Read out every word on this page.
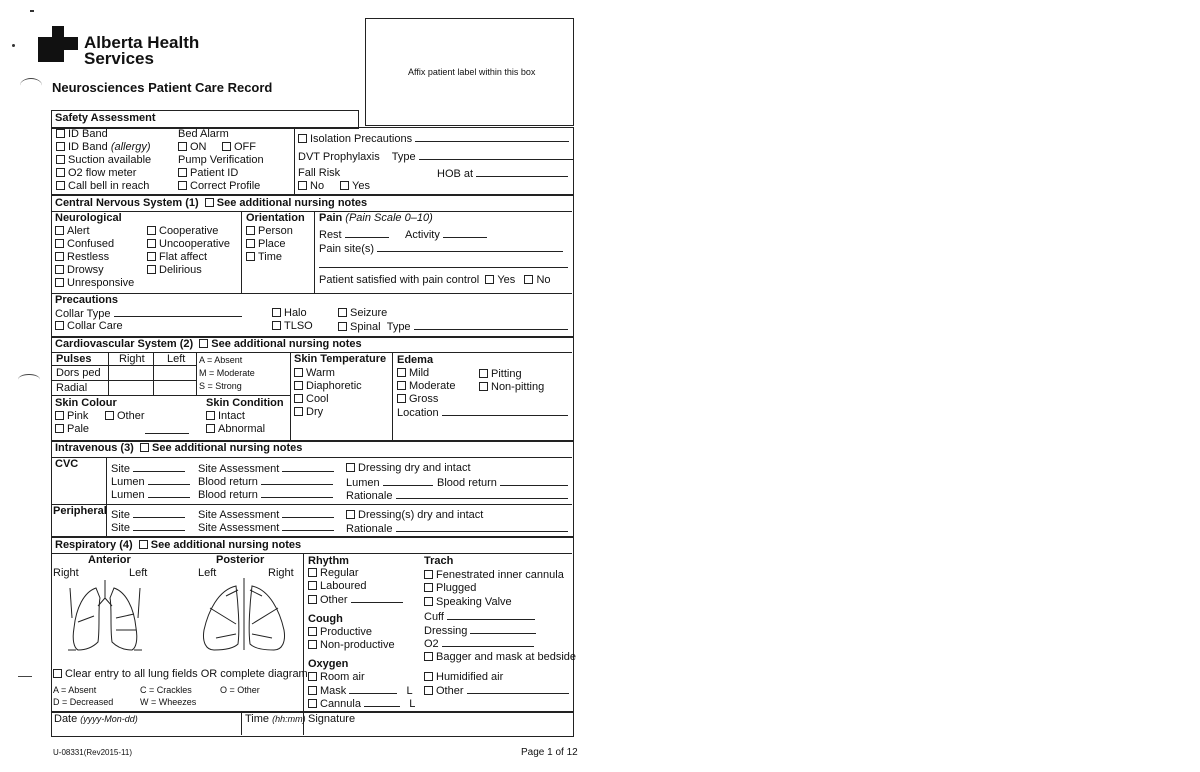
Alberta Health
Services
Neurosciences Patient Care Record
Affix patient label within this box
Safety Assessment
ID Band
ID Band (allergy)
Suction available
O2 flow meter
Call bell in reach
Bed Alarm
ON	OFF
Pump Verification
Patient ID
Correct Profile
Isolation Precautions
DVT Prophylaxis Type
Fall Risk	HOB at
No	Yes
Central Nervous System (1) See additional nursing notes
Neurological
Alert
Confused
Restless
Drowsy
Unresponsive
Cooperative
Uncooperative
Flat affect
Delirious
Orientation
Person
Place
Time
Pain (Pain Scale 0–10)
Rest	Activity
Pain site(s)
Patient satisfied with pain control Yes No
Precautions
Collar Type
Collar Care
Halo
TLSO
Seizure
Spinal Type
Cardiovascular System (2) See additional nursing notes
Pulses	Right Left
Dors ped
Radial
A = Absent
M = Moderate
S = Strong
Skin Colour
Pink
Pale
Other
Skin Condition
Intact
Abnormal
Skin Temperature
Warm
Diaphoretic
Cool
Dry
Edema
Mild
Moderate
Gross
Location
Pitting
Non-pitting
Intravenous (3) See additional nursing notes
CVC
Peripheral
Site
Lumen
Lumen
Site Assessment
Blood return
Blood return
Dressing dry and intact
Lumen	Blood return
Rationale
Site
Site
Site Assessment
Site Assessment
Dressing(s) dry and intact
Rationale
Respiratory (4) See additional nursing notes
Anterior	Posterior
Right	Left	Left	Right
Clear entry to all lung fields OR complete diagram
A = Absent
D = Decreased
C = Crackles
W = Wheezes
O = Other
Rhythm
Regular
Laboured
Other
Cough
Productive
Non-productive
Oxygen
Room air
Mask	L
Cannula	L
Trach
Fenestrated inner cannula
Plugged
Speaking Valve
Cuff
Dressing
O2
Bagger and mask at bedside
Humidified air
Other
Date (yyyy-Mon-dd)	Time (hh:mm) Signature
U-08331(Rev2015-11)	Page 1 of 12
